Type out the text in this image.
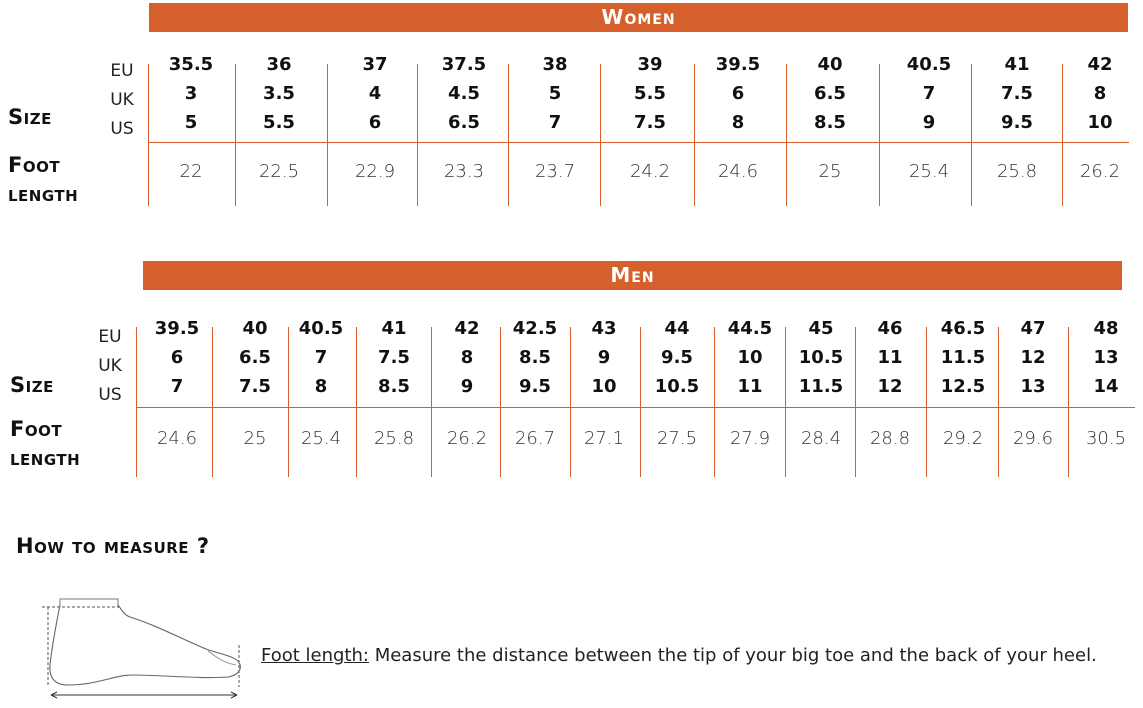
Women
EU
UK
US
Size
Foot
length
35.5
3
5
22
36
3.5
5.5
22.5
37
4
6
22.9
37.5
4.5
6.5
23.3
38
5
7
23.7
39
5.5
7.5
24.2
39.5
6
8
24.6
40
6.5
8.5
25
40.5
7
9
25.4
41
7.5
9.5
25.8
42
8
10
26.2
Men
EU
UK
US
Size
Foot
length
39.5
6
7
24.6
40
6.5
7.5
25
40.5
7
8
25.4
41
7.5
8.5
25.8
42
8
9
26.2
42.5
8.5
9.5
26.7
43
9
10
27.1
44
9.5
10.5
27.5
44.5
10
11
27.9
45
10.5
11.5
28.4
46
11
12
28.8
46.5
11.5
12.5
29.2
47
12
13
29.6
48
13
14
30.5
How to measure ?
Foot length: Measure the distance between the tip of your big toe and the back of your heel.
